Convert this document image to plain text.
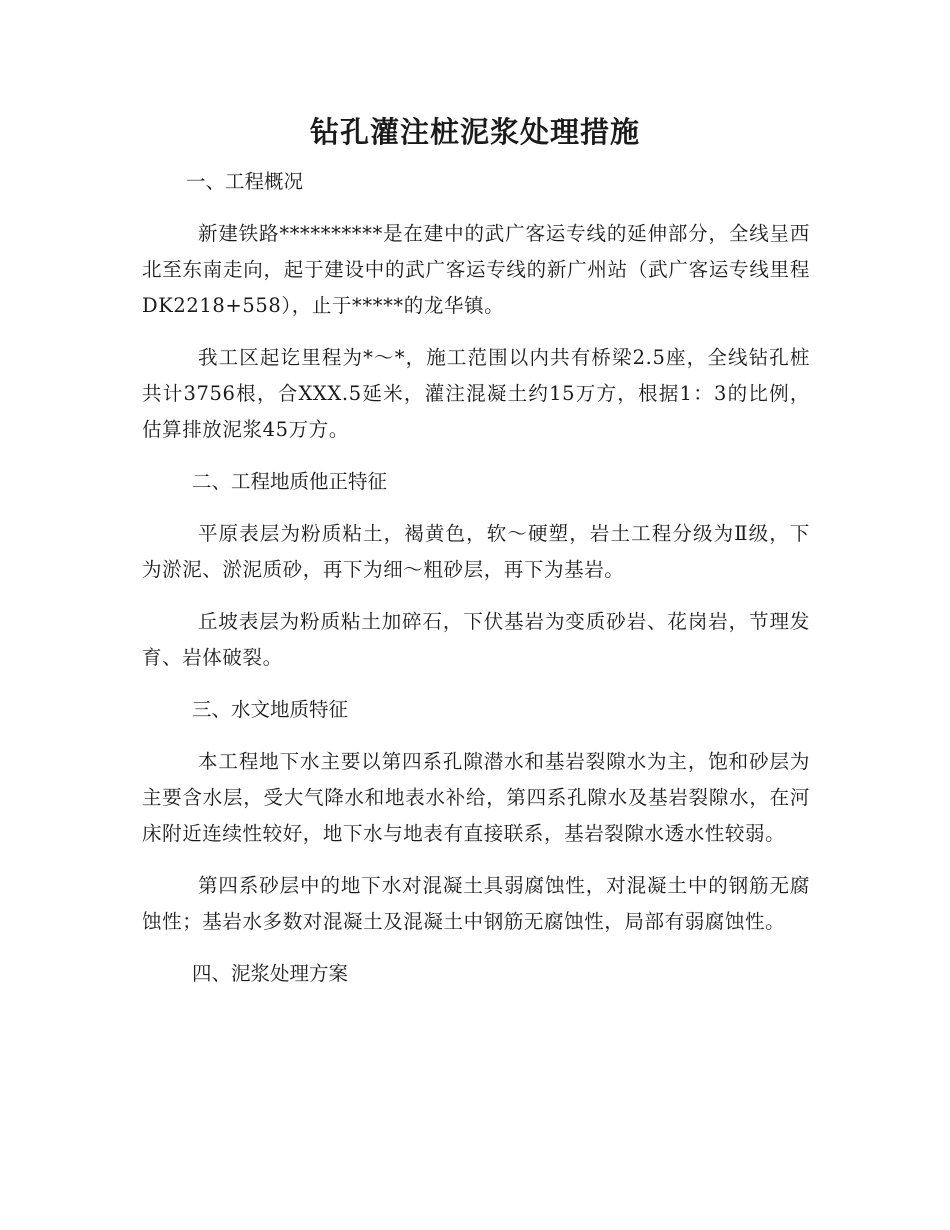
钻孔灌注桩泥浆处理措施

一、工程概况

新建铁路**********是在建中的武广客运专线的延伸部分，全线呈西北至东南走向，起于建设中的武广客运专线的新广州站（武广客运专线里程DK2218+558），止于*****的龙华镇。

我工区起讫里程为*～*，施工范围以内共有桥梁2.5座，全线钻孔桩共计3756根，合XXX.5延米，灌注混凝土约15万方，根据1：3的比例，估算排放泥浆45万方。

二、工程地质他正特征

平原表层为粉质粘土，褐黄色，软～硬塑，岩土工程分级为Ⅱ级，下为淤泥、淤泥质砂，再下为细～粗砂层，再下为基岩。

丘坡表层为粉质粘土加碎石，下伏基岩为变质砂岩、花岗岩，节理发育、岩体破裂。

三、水文地质特征

本工程地下水主要以第四系孔隙潜水和基岩裂隙水为主，饱和砂层为主要含水层，受大气降水和地表水补给，第四系孔隙水及基岩裂隙水，在河床附近连续性较好，地下水与地表有直接联系，基岩裂隙水透水性较弱。

第四系砂层中的地下水对混凝土具弱腐蚀性，对混凝土中的钢筋无腐蚀性；基岩水多数对混凝土及混凝土中钢筋无腐蚀性，局部有弱腐蚀性。

四、泥浆处理方案
